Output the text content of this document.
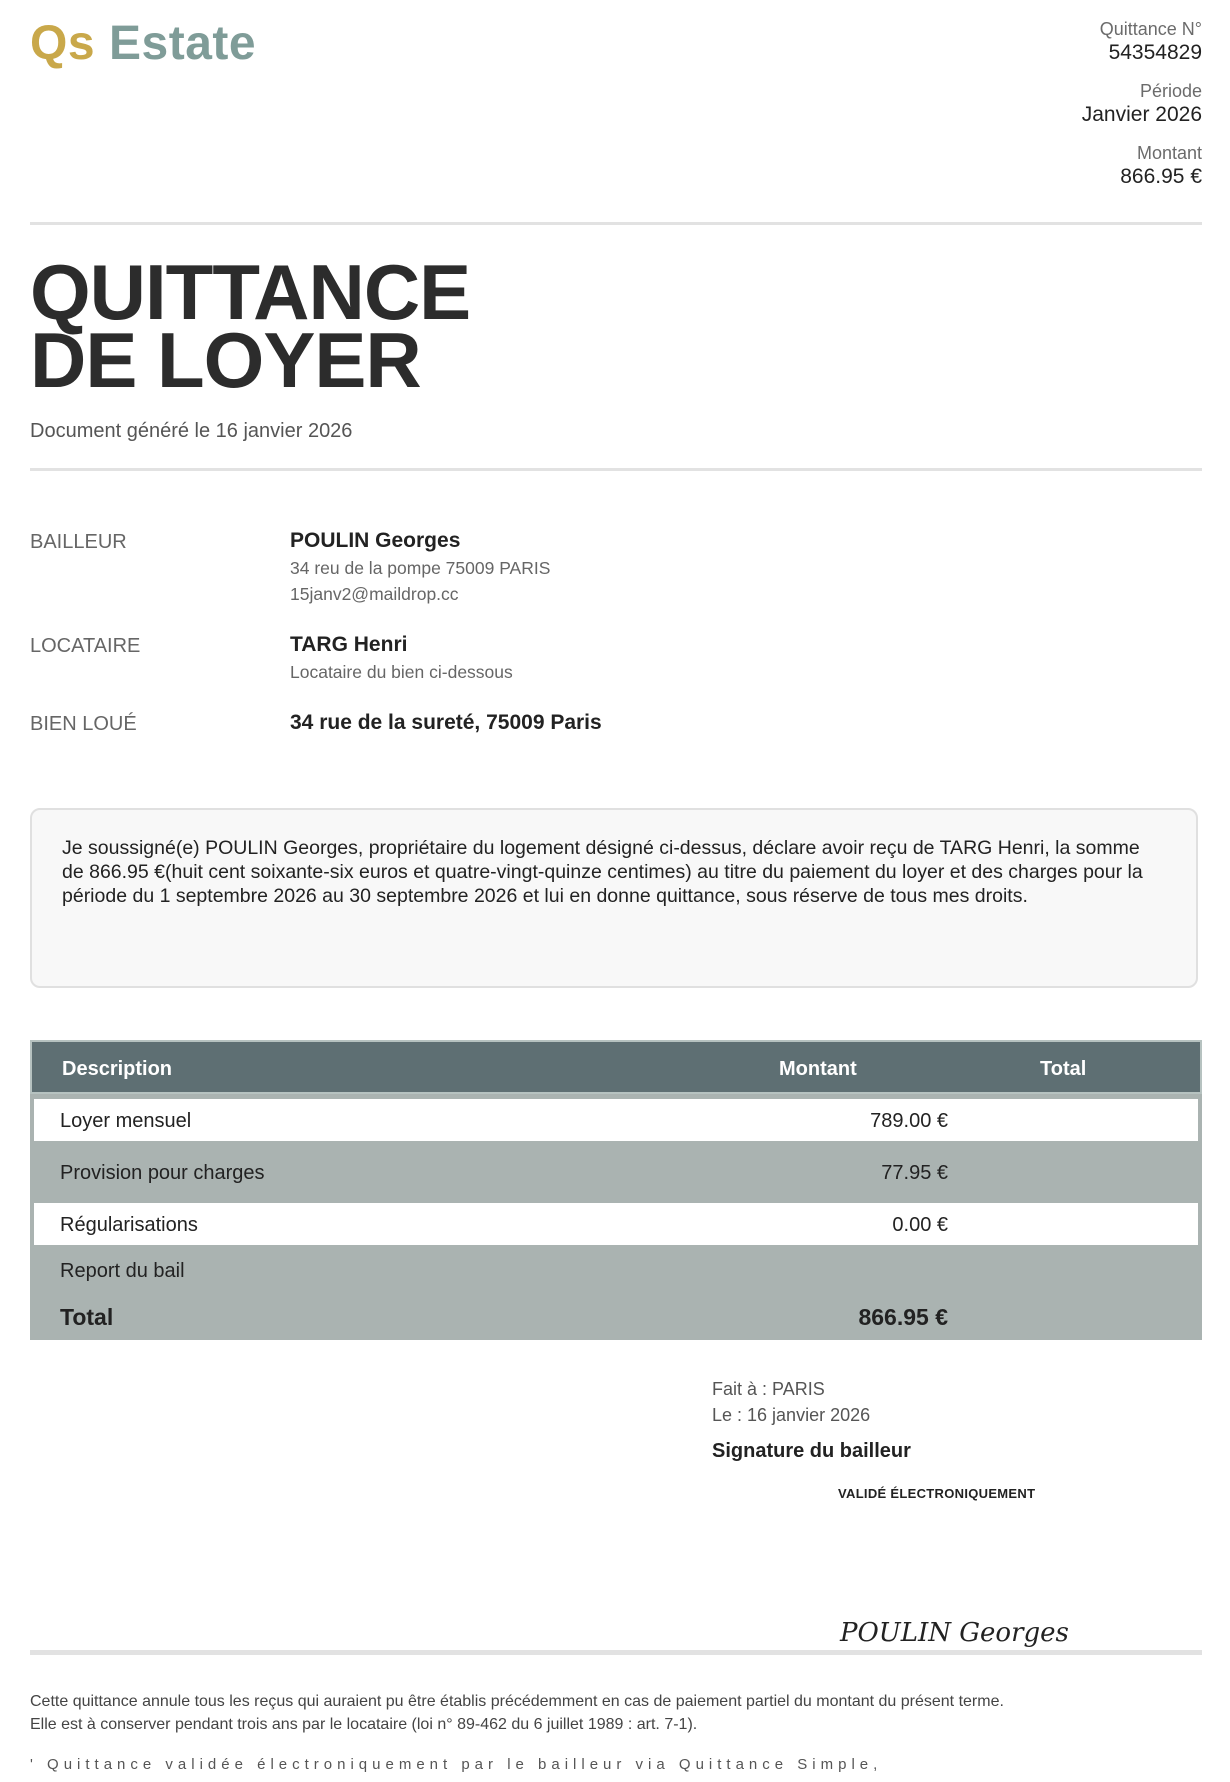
Qs Estate	Quittance N°
54354829
Période
Janvier 2026
Montant
866.95 €
QUITTANCE
DE LOYER
Document généré le 16 janvier 2026
BAILLEUR	POULIN Georges
34 reu de la pompe 75009 PARIS
15janv2@maildrop.cc
LOCATAIRE	TARG Henri
Locataire du bien ci-dessous
BIEN LOUÉ	34 rue de la sureté, 75009 Paris
Je soussigné(e) POULIN Georges, propriétaire du logement désigné ci-dessus, déclare avoir reçu de TARG Henri, la somme de 866.95 €(huit cent soixante-six euros et quatre-vingt-quinze centimes) au titre du paiement du loyer et des charges pour la période du 1 septembre 2026 au 30 septembre 2026 et lui en donne quittance, sous réserve de tous mes droits.
Description	Montant	Total
Loyer mensuel	789.00 €
Provision pour charges	77.95 €
Régularisations	0.00 €
Report du bail
Total	866.95 €
Fait à : PARIS
Le : 16 janvier 2026
Signature du bailleur
VALIDÉ ÉLECTRONIQUEMENT
POULIN Georges
Cette quittance annule tous les reçus qui auraient pu être établis précédemment en cas de paiement partiel du montant du présent terme.
Elle est à conserver pendant trois ans par le locataire (loi n° 89-462 du 6 juillet 1989 : art. 7-1).
' Quittance validée électroniquement par le bailleur via Quittance Simple,
